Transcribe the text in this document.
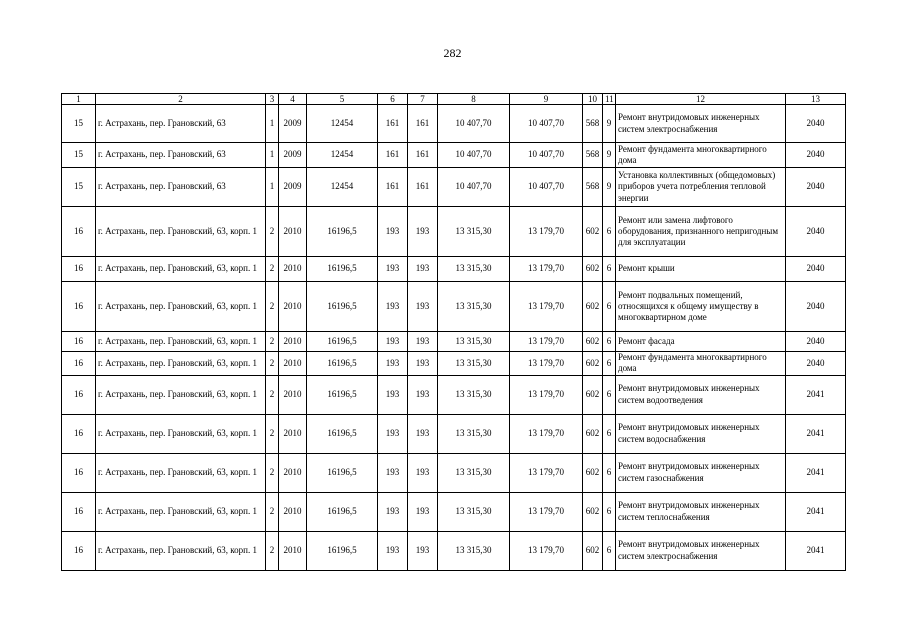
282
1	2	3	4	5	6	7	8	9	10	11	12	13
15	г. Астрахань, пер. Грановский, 63	1	2009	12454	161	161	10 407,70	10 407,70	568	9	Ремонт внутридомовых инженерных систем электроснабжения	2040
15	г. Астрахань, пер. Грановский, 63	1	2009	12454	161	161	10 407,70	10 407,70	568	9	Ремонт фундамента многоквартирного дома	2040
15	г. Астрахань, пер. Грановский, 63	1	2009	12454	161	161	10 407,70	10 407,70	568	9	Установка коллективных (общедомовых) приборов учета потребления тепловой энергии	2040
16	г. Астрахань, пер. Грановский, 63, корп. 1	2	2010	16196,5	193	193	13 315,30	13 179,70	602	6	Ремонт или замена лифтового оборудования, признанного непригодным для эксплуатации	2040
16	г. Астрахань, пер. Грановский, 63, корп. 1	2	2010	16196,5	193	193	13 315,30	13 179,70	602	6	Ремонт крыши	2040
16	г. Астрахань, пер. Грановский, 63, корп. 1	2	2010	16196,5	193	193	13 315,30	13 179,70	602	6	Ремонт подвальных помещений, относящихся к общему имуществу в многоквартирном доме	2040
16	г. Астрахань, пер. Грановский, 63, корп. 1	2	2010	16196,5	193	193	13 315,30	13 179,70	602	6	Ремонт фасада	2040
16	г. Астрахань, пер. Грановский, 63, корп. 1	2	2010	16196,5	193	193	13 315,30	13 179,70	602	6	Ремонт фундамента многоквартирного дома	2040
16	г. Астрахань, пер. Грановский, 63, корп. 1	2	2010	16196,5	193	193	13 315,30	13 179,70	602	6	Ремонт внутридомовых инженерных систем водоотведения	2041
16	г. Астрахань, пер. Грановский, 63, корп. 1	2	2010	16196,5	193	193	13 315,30	13 179,70	602	6	Ремонт внутридомовых инженерных систем водоснабжения	2041
16	г. Астрахань, пер. Грановский, 63, корп. 1	2	2010	16196,5	193	193	13 315,30	13 179,70	602	6	Ремонт внутридомовых инженерных систем газоснабжения	2041
16	г. Астрахань, пер. Грановский, 63, корп. 1	2	2010	16196,5	193	193	13 315,30	13 179,70	602	6	Ремонт внутридомовых инженерных систем теплоснабжения	2041
16	г. Астрахань, пер. Грановский, 63, корп. 1	2	2010	16196,5	193	193	13 315,30	13 179,70	602	6	Ремонт внутридомовых инженерных систем электроснабжения	2041
